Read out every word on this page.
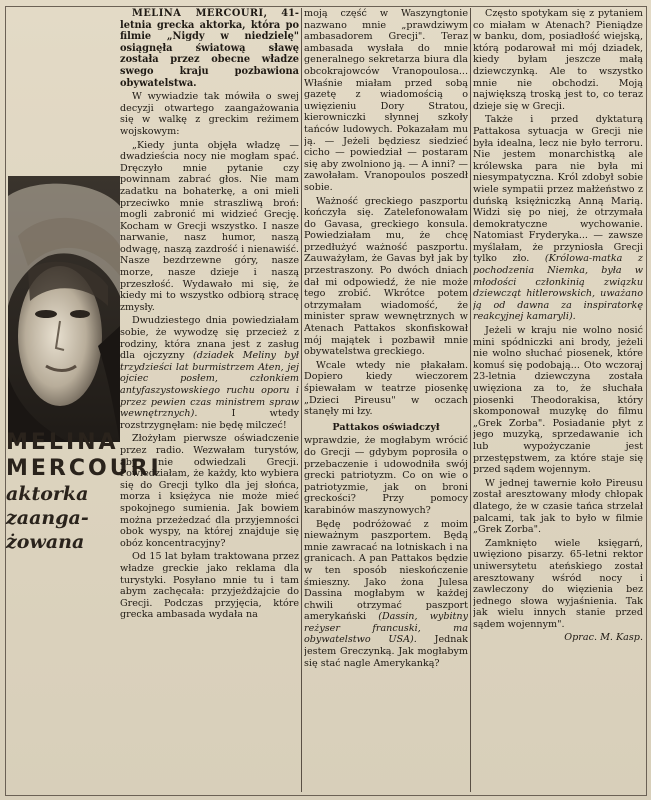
MELINA
MERCOURI
aktorka
zaanga-
żowana

MELINA MERCOURI, 41-letnia grecka aktorka, która po filmie „Nigdy w niedzielę" osiągnęła światową sławę została przez obecne władze swego kraju pozbawiona obywatelstwa.

W wywiadzie tak mówiła o swej decyzji otwartego zaangażowania się w walkę z greckim reżimem wojskowym:

„Kiedy junta objęła władzę — dwadzieścia nocy nie mogłam spać. Dręczyło mnie pytanie czy powinnam zabrać głos. Nie mam zadatku na bohaterkę, a oni mieli przeciwko mnie straszliwą broń: mogli zabronić mi widzieć Grecję. Kocham w Grecji wszystko. I nasze narwanie, nasz humor, naszą odwagę, naszą zazdrość i nienawiść. Nasze bezdrzewne góry, nasze morze, nasze dzieje i naszą przeszłość. Wydawało mi się, że kiedy mi to wszystko odbiorą stracę zmysły.

Dwudziestego dnia powiedziałam sobie, że wywodzę się przecież z rodziny, która znana jest z zasług dla ojczyzny (dziadek Meliny był trzydzieści lat burmistrzem Aten, jej ojciec posłem, członkiem antyfaszystowskiego ruchu oporu i przez pewien czas ministrem spraw wewnętrznych).	I wtedy rozstrzygnęłam: nie będę milczeć!

Złożyłam pierwsze oświadczenie przez radio. Wezwałam turystów, aby nie odwiedzali Grecji. Powiedziałam, że każdy, kto wybiera się do Grecji tylko dla jej słońca, morza i księżyca nie może mieć spokojnego sumienia. Jak bowiem można przeżedzać dla przyjemności obok wyspy, na której znajduje się obóz koncentracyjny?

Od 15 lat byłam traktowana przez władze greckie jako reklama dla turystyki. Posyłano mnie tu i tam abym zachęcała: przyjeżdżajcie do Grecji. Podczas przyjęcia, które grecka ambasada wydała na

moją część w Waszyngtonie nazwano mnie „prawdziwym ambasadorem Grecji". Teraz ambasada wysłała do mnie generalnego sekretarza biura dla obcokrajowców Vranopoulosa... Właśnie miałam przed sobą gazetę z wiadomością o uwięzieniu Dory Stratou, kierowniczki słynnej szkoły tańców ludowych. Pokazałam mu ją. — Jeżeli będziesz siedzieć cicho — powiedział — postaram się aby zwolniono ją. — A inni? — zawołałam. Vranopoulos poszedł sobie.

Ważność greckiego paszportu kończyła się. Zatelefonowałam do Gavasa, greckiego konsula. Powiedziałam mu, że chcę przedłużyć ważność paszportu. Zauważyłam, że Gavas był jak by przestraszony. Po dwóch dniach dał mi odpowiedź, że nie może tego zrobić. Wkrótce potem otrzymałam wiadomość, że minister spraw wewnętrznych w Atenach Pattakos skonfiskował mój majątek i pozbawił mnie obywatelstwa greckiego.

Wcale wtedy nie płakałam. Dopiero kiedy wieczorem śpiewałam w teatrze piosenkę „Dzieci Pireusu" w oczach stanęły mi łzy.

Pattakos oświadczył

wprawdzie, że mogłabym wrócić do Grecji — gdybym poprosiła o przebaczenie i udowodniła swój grecki patriotyzm. Co on wie o patriotyzmie, jak on broni greckości? Przy pomocy karabinów maszynowych?

Będę podróżować z moim nieważnym paszportem. Będą mnie zawracać na lotniskach i na granicach. A pan Pattakos będzie w ten sposób nieskończenie śmieszny. Jako żona Julesa Dassina mogłabym w każdej chwili otrzymać paszport amerykański (Dassin, wybitny reżyser francuski, ma obywatelstwo USA). Jednak jestem Greczynką. Jak mogłabym się stać nagle Amerykanką?

Często spotykam się z pytaniem co miałam w Atenach? Pieniądze w banku, dom, posiadłość wiejską, którą podarował mi mój dziadek, kiedy byłam jeszcze małą dziewczynką. Ale to wszystko mnie nie obchodzi. Moją największą troską jest to, co teraz dzieje się w Grecji.

Także i przed dyktaturą Pattakosa sytuacja w Grecji nie była idealna, lecz nie było terroru. Nie jestem monarchistką ale królewska para nie była mi niesympatyczna. Król zdobył sobie wiele sympatii przez małżeństwo z duńską księżniczką Anną Marią. Widzi się po niej, że otrzymała demokratyczne wychowanie. Natomiast Fryderyka... — zawsze myślałam, że przyniosła Grecji tylko zło. (Królowa-matka z pochodzenia Niemka, była w młodości członkinią związku dziewcząt hitlerowskich, uważano ją od dawna za inspiratorkę reakcyjnej kamaryli).

Jeżeli w kraju nie wolno nosić mini spódniczki ani brody, jeżeli nie wolno słuchać piosenek, które komuś się podobają... Oto wczoraj 23-letnia dziewczyna została uwięziona za to, że słuchała piosenki Theodorakisa, który skomponował muzykę do filmu „Grek Zorba". Posiadanie płyt z jego muzyką, sprzedawanie ich lub wypożyczanie jest przestępstwem, za które staje się przed sądem wojennym.

W jednej tawernie koło Pireusu został aresztowany młody chłopak dlatego, że w czasie tańca strzelał palcami, tak jak to było w filmie „Grek Zorba".

Zamknięto wiele księgarń, uwięziono pisarzy. 65-letni rektor uniwersytetu ateńskiego został aresztowany wśród nocy i zawleczony do więzienia bez jednego słowa wyjaśnienia. Tak jak wielu innych stanie przed sądem wojennym".

Oprac. M. Kasp.
